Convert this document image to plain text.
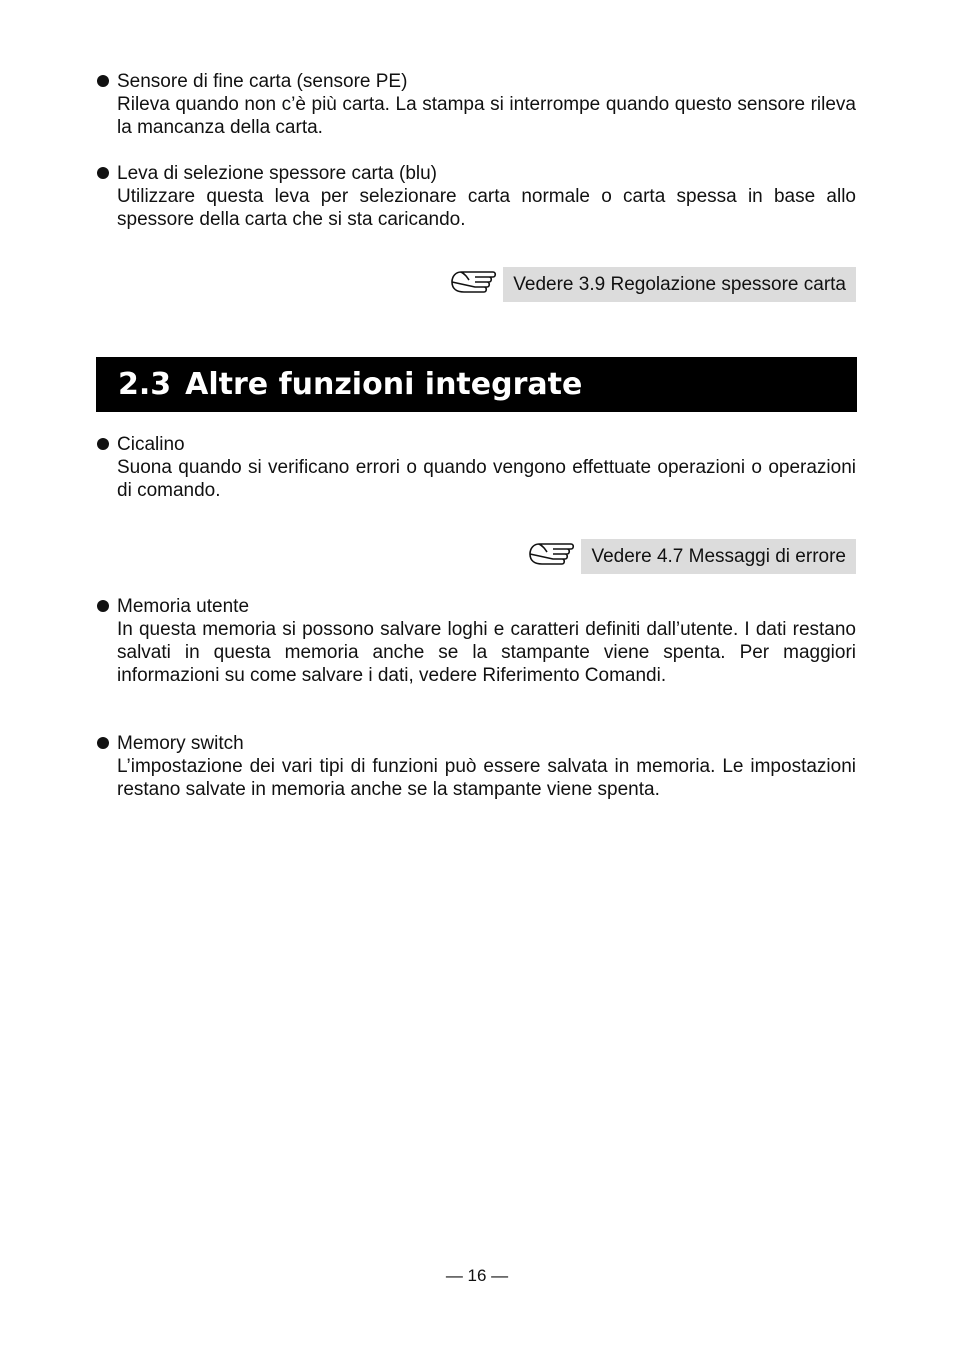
Sensore di fine carta (sensore PE)
Rileva quando non c’è più carta. La stampa si interrompe quando questo sensore rileva la mancanza della carta.
Leva di selezione spessore carta (blu)
Utilizzare questa leva per selezionare carta normale o carta spessa in base allo spessore della carta che si sta caricando.
Vedere 3.9 Regolazione spessore carta
2.3 Altre funzioni integrate
Cicalino
Suona quando si verificano errori o quando vengono effettuate operazioni o operazioni di comando.
Vedere 4.7 Messaggi di errore
Memoria utente
In questa memoria si possono salvare loghi e caratteri definiti dall’utente. I dati restano salvati in questa memoria anche se la stampante viene spenta. Per maggiori informazioni su come salvare i dati, vedere Riferimento Comandi.
Memory switch
L’impostazione dei vari tipi di funzioni può essere salvata in memoria. Le impostazioni restano salvate in memoria anche se la stampante viene spenta.
— 16 —
